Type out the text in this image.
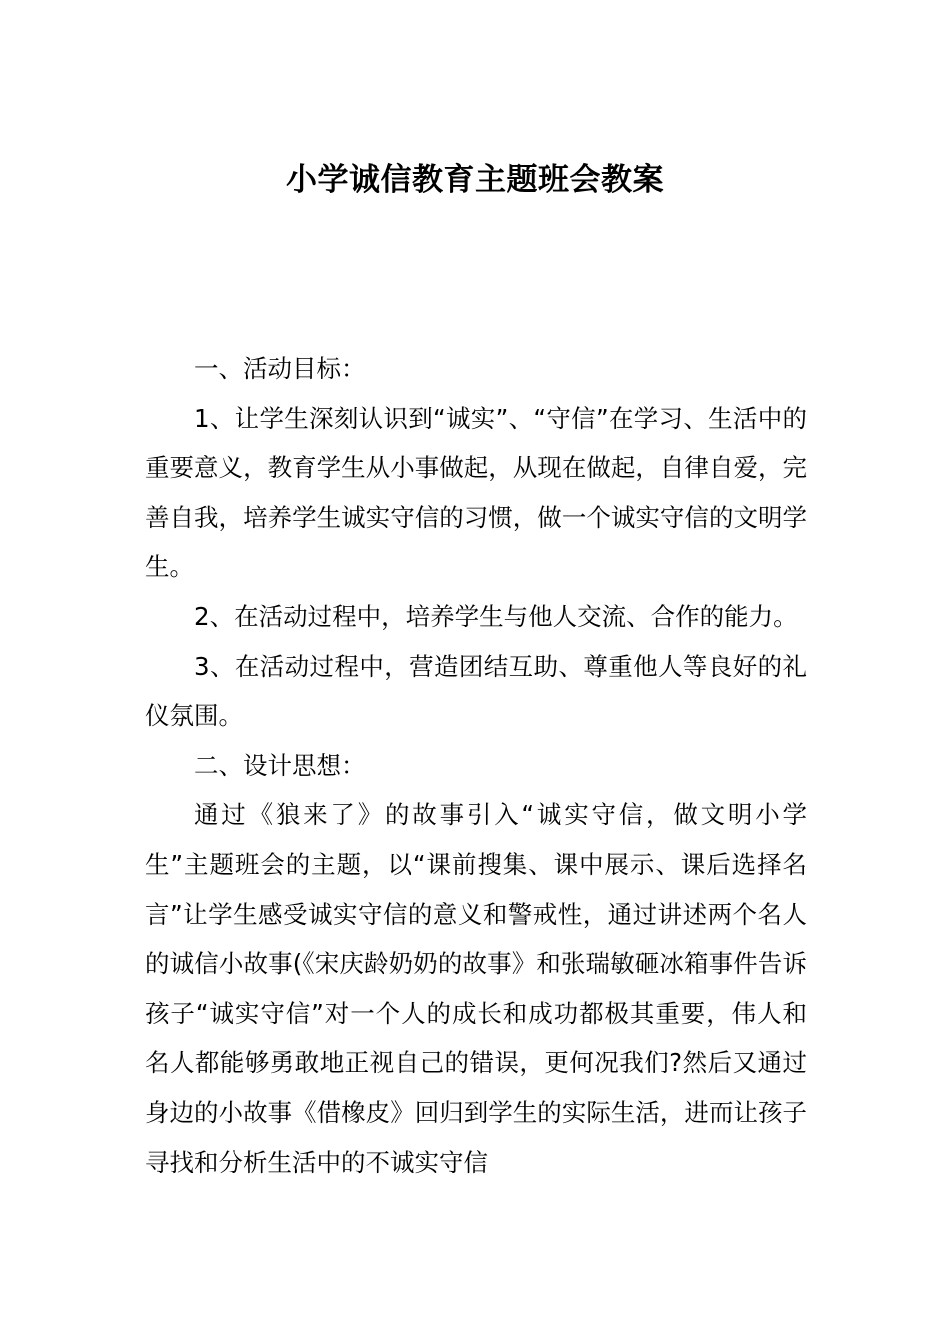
小学诚信教育主题班会教案

一、活动目标：

1、让学生深刻认识到“诚实”、“守信”在学习、生活中的重要意义，教育学生从小事做起，从现在做起，自律自爱，完善自我，培养学生诚实守信的习惯，做一个诚实守信的文明学生。

2、在活动过程中，培养学生与他人交流、合作的能力。

3、在活动过程中，营造团结互助、尊重他人等良好的礼仪氛围。

二、设计思想：

通过《狼来了》的故事引入“诚实守信，做文明小学生”主题班会的主题，以“课前搜集、课中展示、课后选择名言”让学生感受诚实守信的意义和警戒性，通过讲述两个名人的诚信小故事(《宋庆龄奶奶的故事》和张瑞敏砸冰箱事件告诉孩子“诚实守信”对一个人的成长和成功都极其重要，伟人和名人都能够勇敢地正视自己的错误，更何况我们?然后又通过身边的小故事《借橡皮》回归到学生的实际生活，进而让孩子寻找和分析生活中的不诚实守信
